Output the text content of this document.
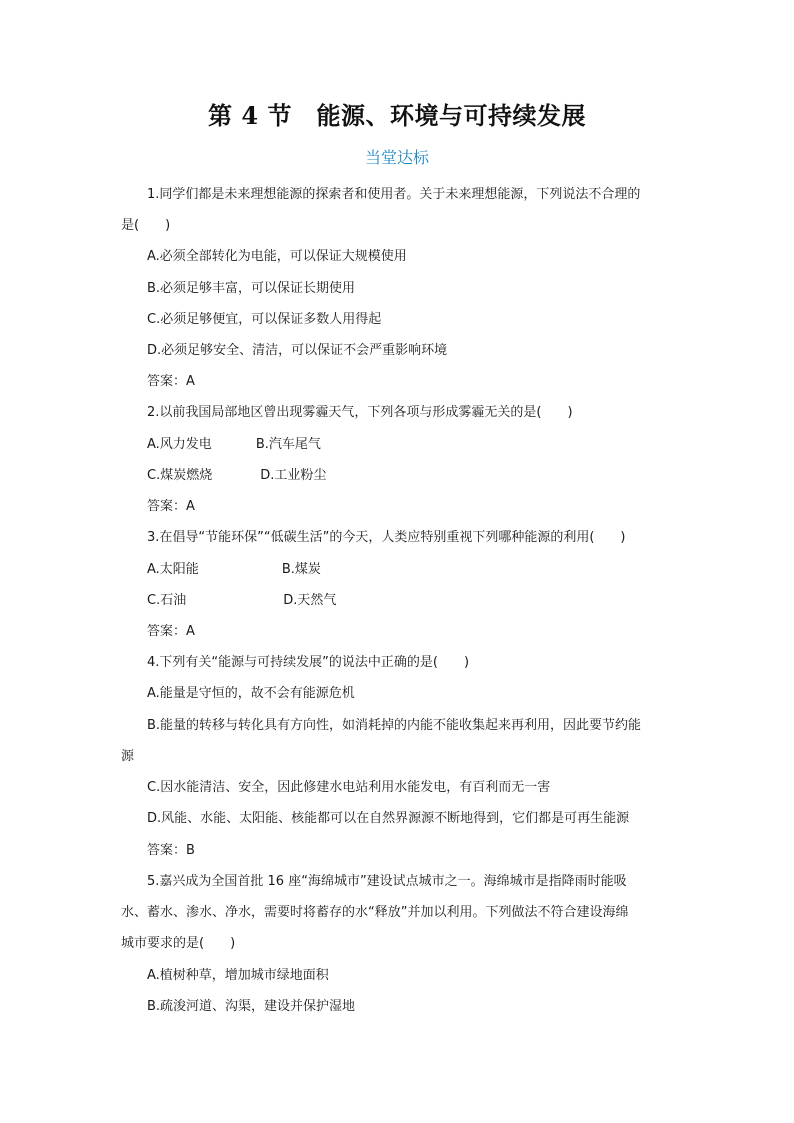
第 4 节　能源、环境与可持续发展
当堂达标
1.同学们都是未来理想能源的探索者和使用者。关于未来理想能源，下列说法不合理的
是(　　)
A.必须全部转化为电能，可以保证大规模使用
B.必须足够丰富，可以保证长期使用
C.必须足够便宜，可以保证多数人用得起
D.必须足够安全、清洁，可以保证不会严重影响环境
答案：A
2.以前我国局部地区曾出现雾霾天气，下列各项与形成雾霾无关的是(　　)
A.风力发电	B.汽车尾气
C.煤炭燃烧	D.工业粉尘
答案：A
3.在倡导“节能环保”“低碳生活”的今天，人类应特别重视下列哪种能源的利用(　　)
A.太阳能	B.煤炭
C.石油	D.天然气
答案：A
4.下列有关“能源与可持续发展”的说法中正确的是(　　)
A.能量是守恒的，故不会有能源危机
B.能量的转移与转化具有方向性，如消耗掉的内能不能收集起来再利用，因此要节约能
源
C.因水能清洁、安全，因此修建水电站利用水能发电，有百利而无一害
D.风能、水能、太阳能、核能都可以在自然界源源不断地得到，它们都是可再生能源
答案：B
5.嘉兴成为全国首批 16 座“海绵城市”建设试点城市之一。海绵城市是指降雨时能吸
水、蓄水、渗水、净水，需要时将蓄存的水“释放”并加以利用。下列做法不符合建设海绵
城市要求的是(　　)
A.植树种草，增加城市绿地面积
B.疏浚河道、沟渠，建设并保护湿地
